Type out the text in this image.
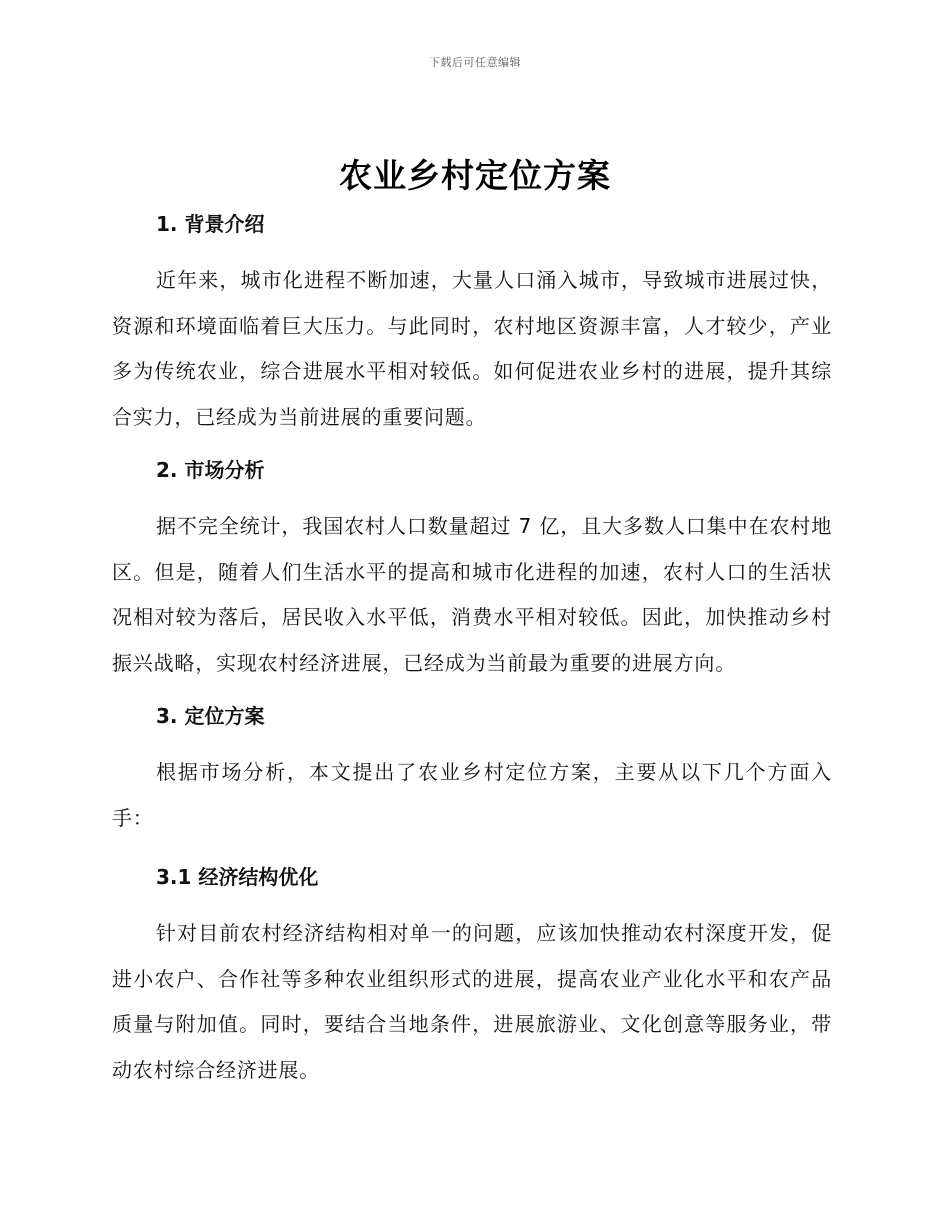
下载后可任意编辑
农业乡村定位方案
1. 背景介绍

近年来，城市化进程不断加速，大量人口涌入城市，导致城市进展过快，资源和环境面临着巨大压力。与此同时，农村地区资源丰富，人才较少，产业多为传统农业，综合进展水平相对较低。如何促进农业乡村的进展，提升其综合实力，已经成为当前进展的重要问题。

2. 市场分析

据不完全统计，我国农村人口数量超过 7 亿，且大多数人口集中在农村地区。但是，随着人们生活水平的提高和城市化进程的加速，农村人口的生活状况相对较为落后，居民收入水平低，消费水平相对较低。因此，加快推动乡村振兴战略，实现农村经济进展，已经成为当前最为重要的进展方向。

3. 定位方案

根据市场分析，本文提出了农业乡村定位方案，主要从以下几个方面入手：

3.1 经济结构优化

针对目前农村经济结构相对单一的问题，应该加快推动农村深度开发，促进小农户、合作社等多种农业组织形式的进展，提高农业产业化水平和农产品质量与附加值。同时，要结合当地条件，进展旅游业、文化创意等服务业，带动农村综合经济进展。
